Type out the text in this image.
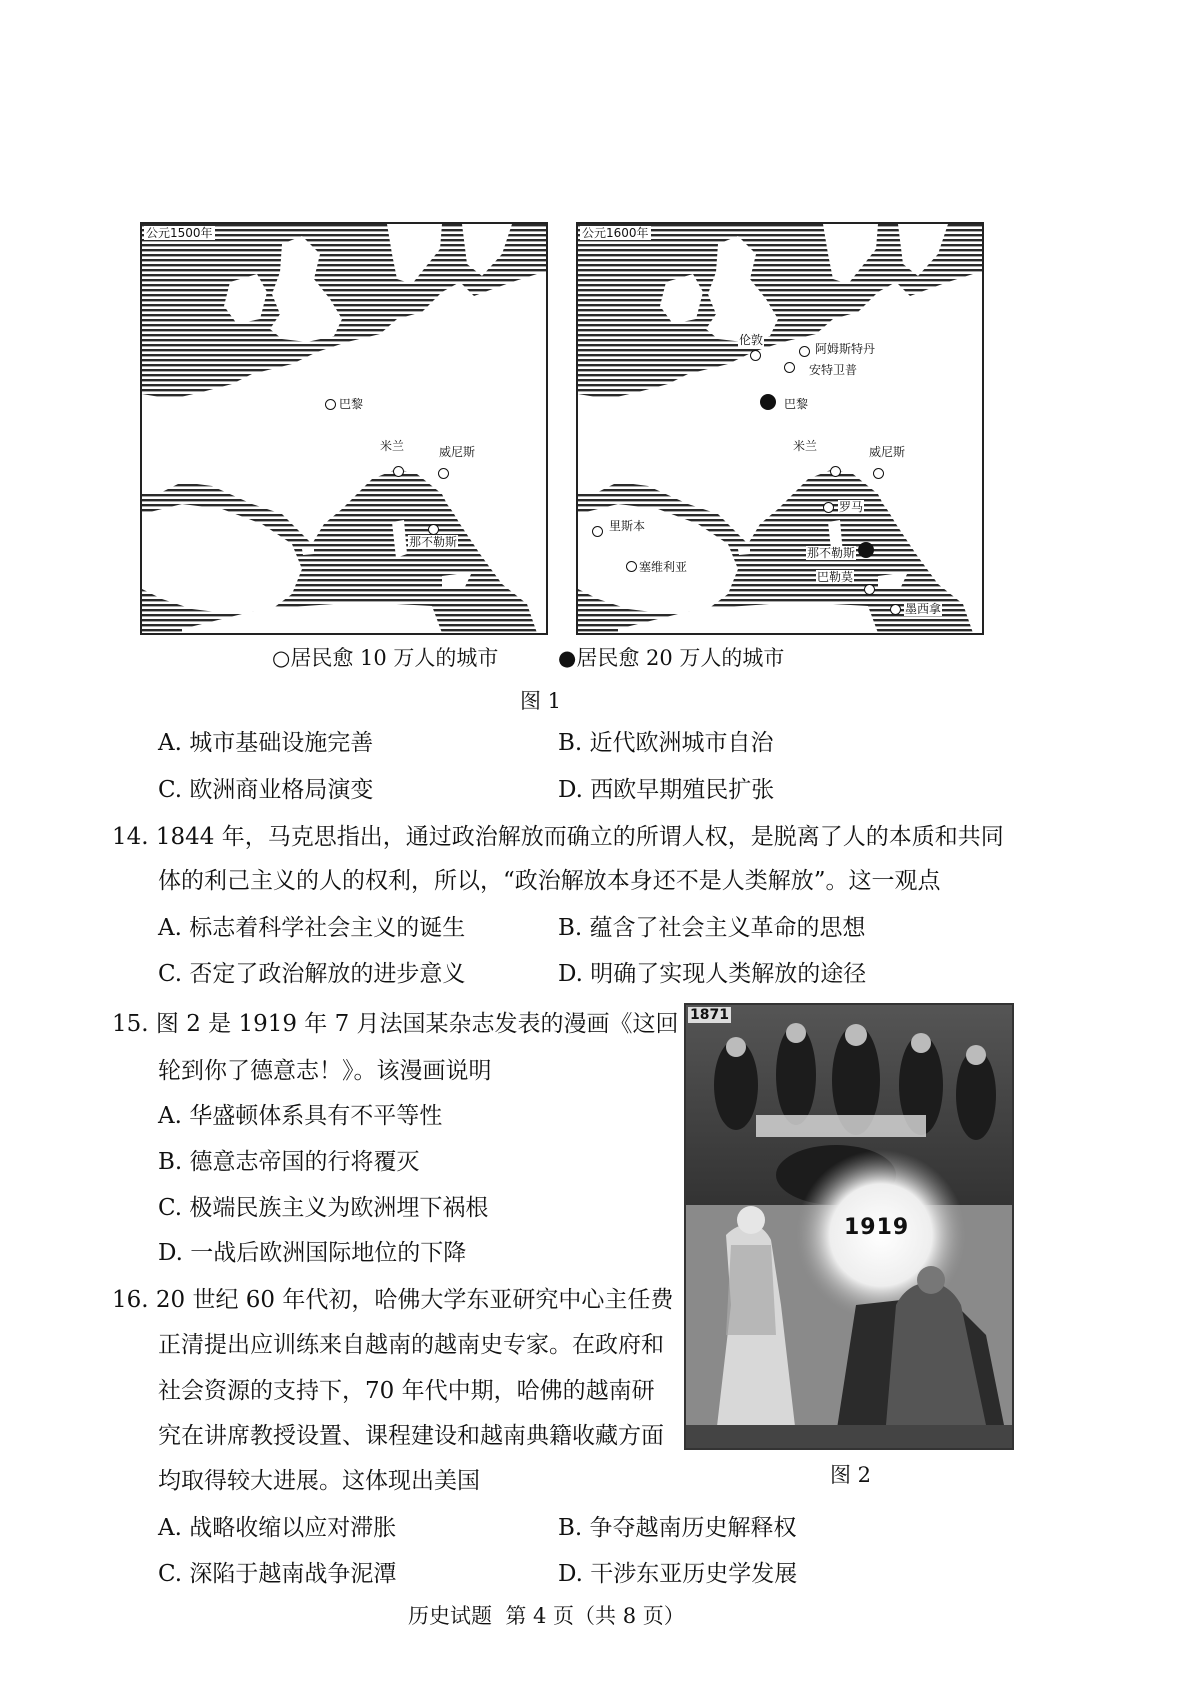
公元1500年
巴黎
米兰	威尼斯
那不勒斯
公元1600年
伦敦
阿姆斯特丹
安特卫普
巴黎
米兰	威尼斯
罗马
里斯本
塞维利亚
那不勒斯
巴勒莫
墨西拿
○居民愈 10 万人的城市	●居民愈 20 万人的城市
图 1
A. 城市基础设施完善	B. 近代欧洲城市自治
C. 欧洲商业格局演变	D. 西欧早期殖民扩张
14. 1844 年，马克思指出，通过政治解放而确立的所谓人权，是脱离了人的本质和共同
体的利己主义的人的权利，所以，“政治解放本身还不是人类解放”。这一观点
A. 标志着科学社会主义的诞生	B. 蕴含了社会主义革命的思想
C. 否定了政治解放的进步意义	D. 明确了实现人类解放的途径
15. 图 2 是 1919 年 7 月法国某杂志发表的漫画《这回
轮到你了德意志！》。该漫画说明
A. 华盛顿体系具有不平等性
B. 德意志帝国的行将覆灭
C. 极端民族主义为欧洲埋下祸根
D. 一战后欧洲国际地位的下降
1871
1919
图 2
16. 20 世纪 60 年代初，哈佛大学东亚研究中心主任费
正清提出应训练来自越南的越南史专家。在政府和
社会资源的支持下，70 年代中期，哈佛的越南研
究在讲席教授设置、课程建设和越南典籍收藏方面
均取得较大进展。这体现出美国
A. 战略收缩以应对滞胀	B. 争夺越南历史解释权
C. 深陷于越南战争泥潭	D. 干涉东亚历史学发展
历史试题  第 4 页（共 8 页）
